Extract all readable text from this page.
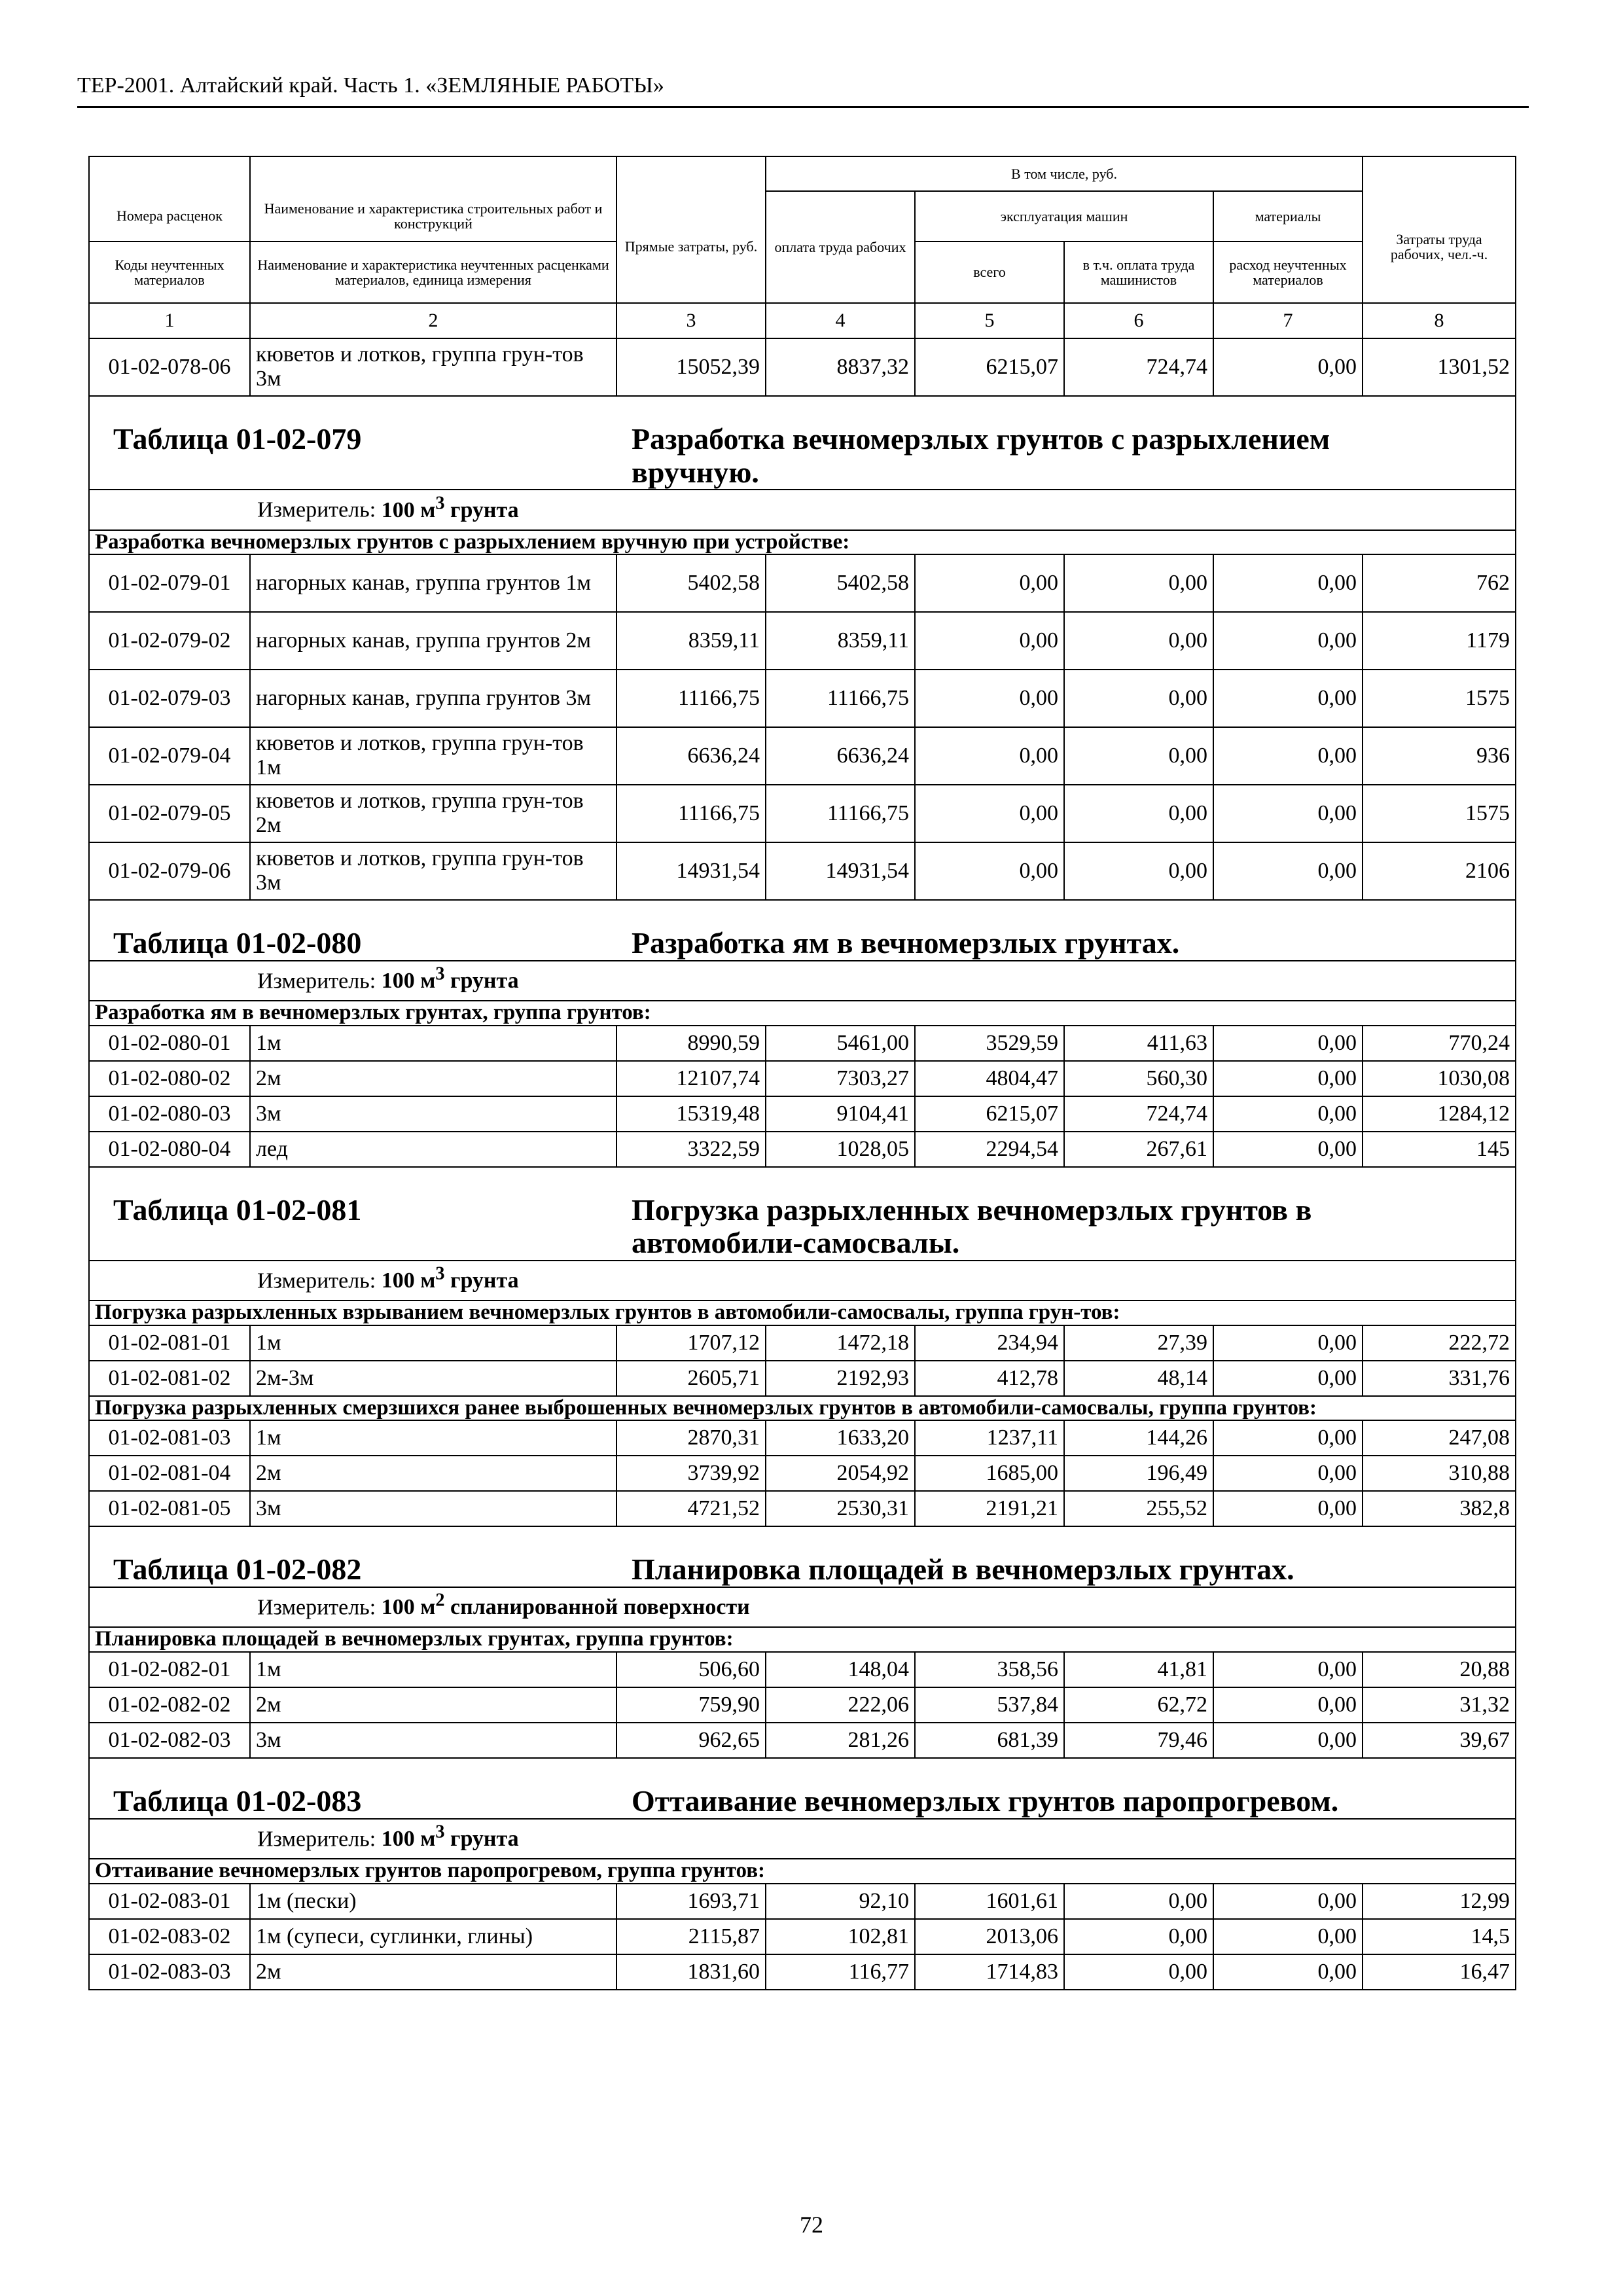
ТЕР-2001. Алтайский край. Часть 1. «ЗЕМЛЯНЫЕ РАБОТЫ»
			В том числе, руб.				
Номера расценок	Наименование и характеристика строительных работ и конструкций	Прямые затраты, руб.	оплата труда рабочих	эксплуатация машин		материалы	Затраты труда рабочих, чел.-ч.
Коды неучтенных материалов	Наименование и характеристика неучтенных расценками материалов, единица измерения			всего	в т.ч. оплата труда машинистов	расход неучтенных материалов	
1	2	3	4	5	6	7	8
01-02-078-06	кюветов и лотков, группа грун-тов 3м	15052,39	8837,32	6215,07	724,74	0,00	1301,52

Таблица 01-02-079 Разработка вечномерзлых грунтов с разрыхлением вручную.							

Измеритель: 100 $м^3$ грунта							

Разработка вечномерзлых грунтов с разрыхлением вручную при устройстве:							
01-02-079-01	нагорных канав, группа грунтов 1м	5402,58	5402,58	0,00	0,00	0,00	762
01-02-079-02	нагорных канав, группа грунтов 2м	8359,11	8359,11	0,00	0,00	0,00	1179
01-02-079-03	нагорных канав, группа грунтов 3м	11166,75	11166,75	0,00	0,00	0,00	1575
01-02-079-04	кюветов и лотков, группа грун-тов 1м	6636,24	6636,24	0,00	0,00	0,00	936
01-02-079-05	кюветов и лотков, группа грун-тов 2м	11166,75	11166,75	0,00	0,00	0,00	1575
01-02-079-06	кюветов и лотков, группа грун-тов 3м	14931,54	14931,54	0,00	0,00	0,00	2106

Таблица 01-02-080 Разработка ям в вечномерзлых грунтах.							

Измеритель: 100 $м^3$ грунта							

Разработка ям в вечномерзлых грунтах, группа грунтов:							
01-02-080-01	1м	8990,59	5461,00	3529,59	411,63	0,00	770,24
01-02-080-02	2м	12107,74	7303,27	4804,47	560,30	0,00	1030,08
01-02-080-03	3м	15319,48	9104,41	6215,07	724,74	0,00	1284,12
01-02-080-04	лед	3322,59	1028,05	2294,54	267,61	0,00	145

Таблица 01-02-081 Погрузка разрыхленных вечномерзлых грунтов в автомобили-самосвалы.							

Измеритель: 100 $м^3$ грунта							

Погрузка разрыхленных взрыванием вечномерзлых грунтов в автомобили-самосвалы, группа грун-тов:							
01-02-081-01	1м	1707,12	1472,18	234,94	27,39	0,00	222,72
01-02-081-02	2м-3м	2605,71	2192,93	412,78	48,14	0,00	331,76
Погрузка разрыхленных смерзшихся ранее выброшенных вечномерзлых грунтов в автомобили-самосвалы, группа грунтов:							
01-02-081-03	1м	2870,31	1633,20	1237,11	144,26	0,00	247,08
01-02-081-04	2м	3739,92	2054,92	1685,00	196,49	0,00	310,88
01-02-081-05	3м	4721,52	2530,31	2191,21	255,52	0,00	382,8

Таблица 01-02-082 Планировка площадей в вечномерзлых грунтах.							

Измеритель: 100 $м^2$ спланированной поверхности							

Планировка площадей в вечномерзлых грунтах, группа грунтов:							
01-02-082-01	1м	506,60	148,04	358,56	41,81	0,00	20,88
01-02-082-02	2м	759,90	222,06	537,84	62,72	0,00	31,32
01-02-082-03	3м	962,65	281,26	681,39	79,46	0,00	39,67

Таблица 01-02-083 Оттаивание вечномерзлых грунтов паропрогревом.							

Измеритель: 100 $м^3$ грунта							

Оттаивание вечномерзлых грунтов паропрогревом, группа грунтов:							
01-02-083-01	1м (пески)	1693,71	92,10	1601,61	0,00	0,00	12,99
01-02-083-02	1м (супеси, суглинки, глины)	2115,87	102,81	2013,06	0,00	0,00	14,5
01-02-083-03	2м	1831,60	116,77	1714,83	0,00	0,00	16,47
72
